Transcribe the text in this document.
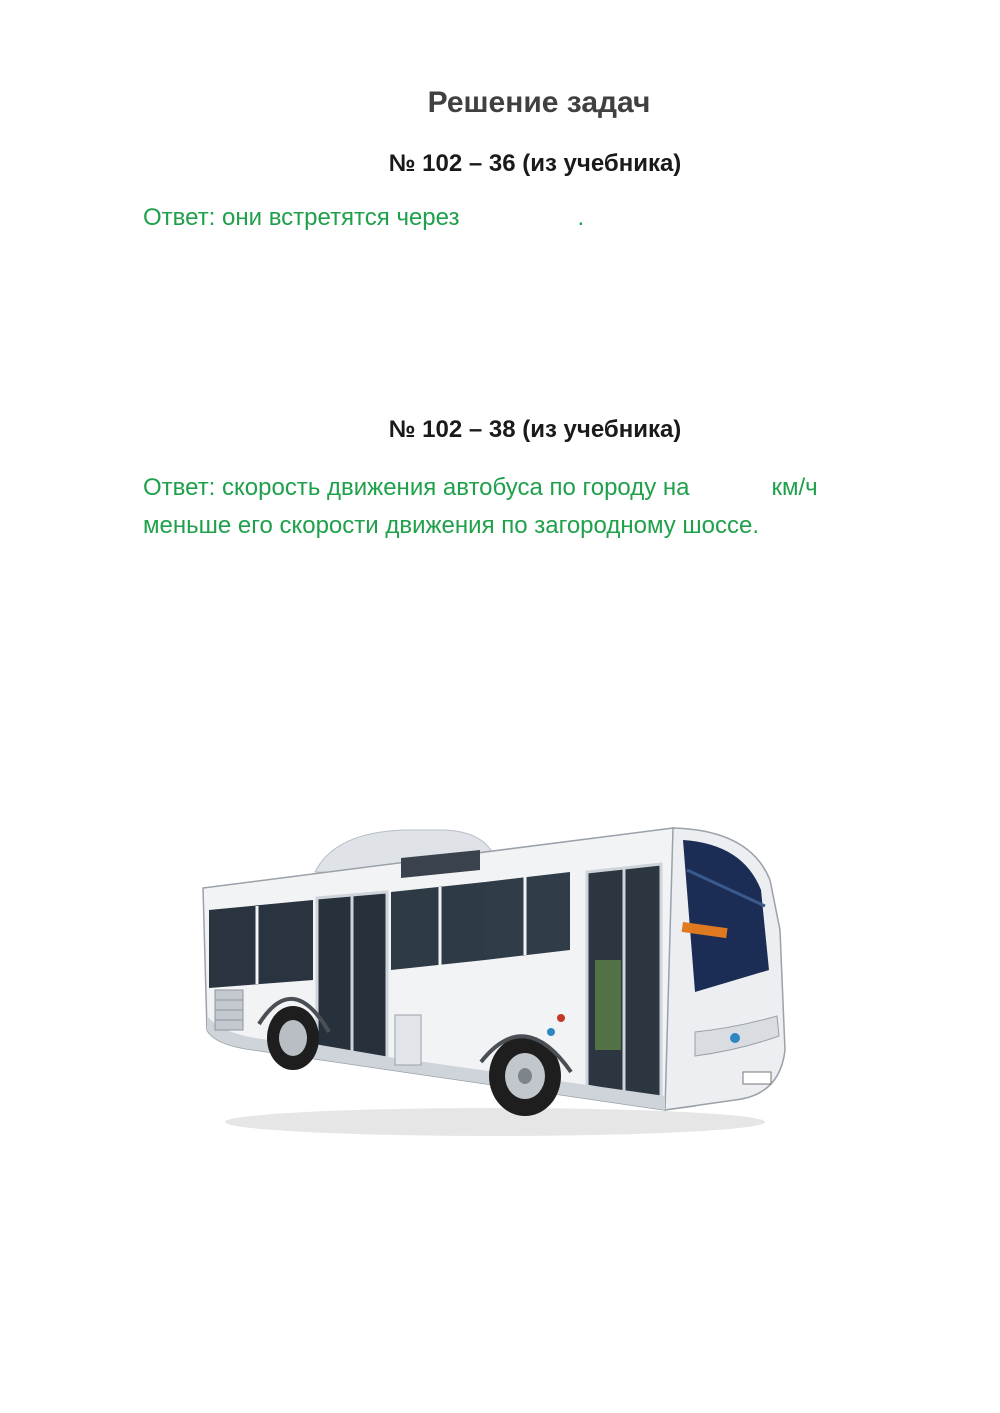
Решение задач
№ 102 – 36 (из учебника)
Ответ: они встретятся через	.
№ 102 – 38 (из учебника)
Ответ: скорость движения автобуса по городу на	км/ч
меньше его скорости движения по загородному шоссе.
